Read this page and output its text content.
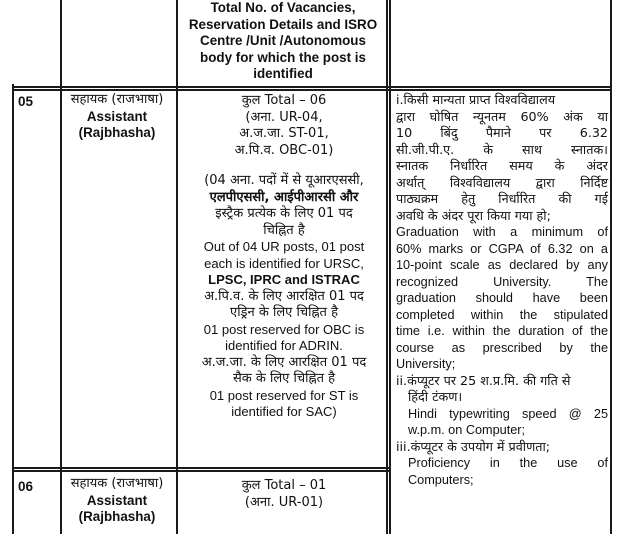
Total No. of Vacancies,
Reservation Details and ISRO
Centre /Unit /Autonomous
body for which the post is
identified
05	सहायक (राजभाषा)
Assistant
(Rajbhasha)
कुल Total – 06
(अना. UR-04,
अ.ज.जा. ST-01,
अ.पि.व. OBC-01)
(04 अना. पदों में से यूआरएससी,
एलपीएससी, आईपीआरसी और
इस्ट्रैक प्रत्येक के लिए 01 पद
चिह्नित है
Out of 04 UR posts, 01 post
each is identified for URSC,
LPSC, IPRC and ISTRAC
अ.पि.व. के लिए आरक्षित 01 पद
एड्रिन के लिए चिह्नित है
01 post reserved for OBC is
identified for ADRIN.
अ.ज.जा. के लिए आरक्षित 01 पद
सैक के लिए चिह्नित है
01 post reserved for ST is
identified for SAC)
i.किसी मान्यता प्राप्त विश्वविद्यालय
द्वारा घोषित न्यूनतम 60% अंक या
10 बिंदु पैमाने पर 6.32
सी.जी.पी.ए. के साथ स्नातक।
स्नातक निर्धारित समय के अंदर
अर्थात् विश्वविद्यालय द्वारा निर्दिष्ट
पाठ्यक्रम हेतु निर्धारित की गई
अवधि के अंदर पूरा किया गया हो;
Graduation with a minimum of
60% marks or CGPA of 6.32 on a
10-point scale as declared by any
recognized University. The
graduation should have been
completed within the stipulated
time i.e. within the duration of the
course as prescribed by the
University;
ii.कंप्यूटर पर 25 श.प्र.मि. की गति से
हिंदी टंकण।
Hindi typewriting speed @ 25
w.p.m. on Computer;
iii.कंप्यूटर के उपयोग में प्रवीणता;
Proficiency in the use of
Computers;
06	सहायक (राजभाषा)
Assistant
(Rajbhasha)
कुल Total – 01
(अना. UR-01)
